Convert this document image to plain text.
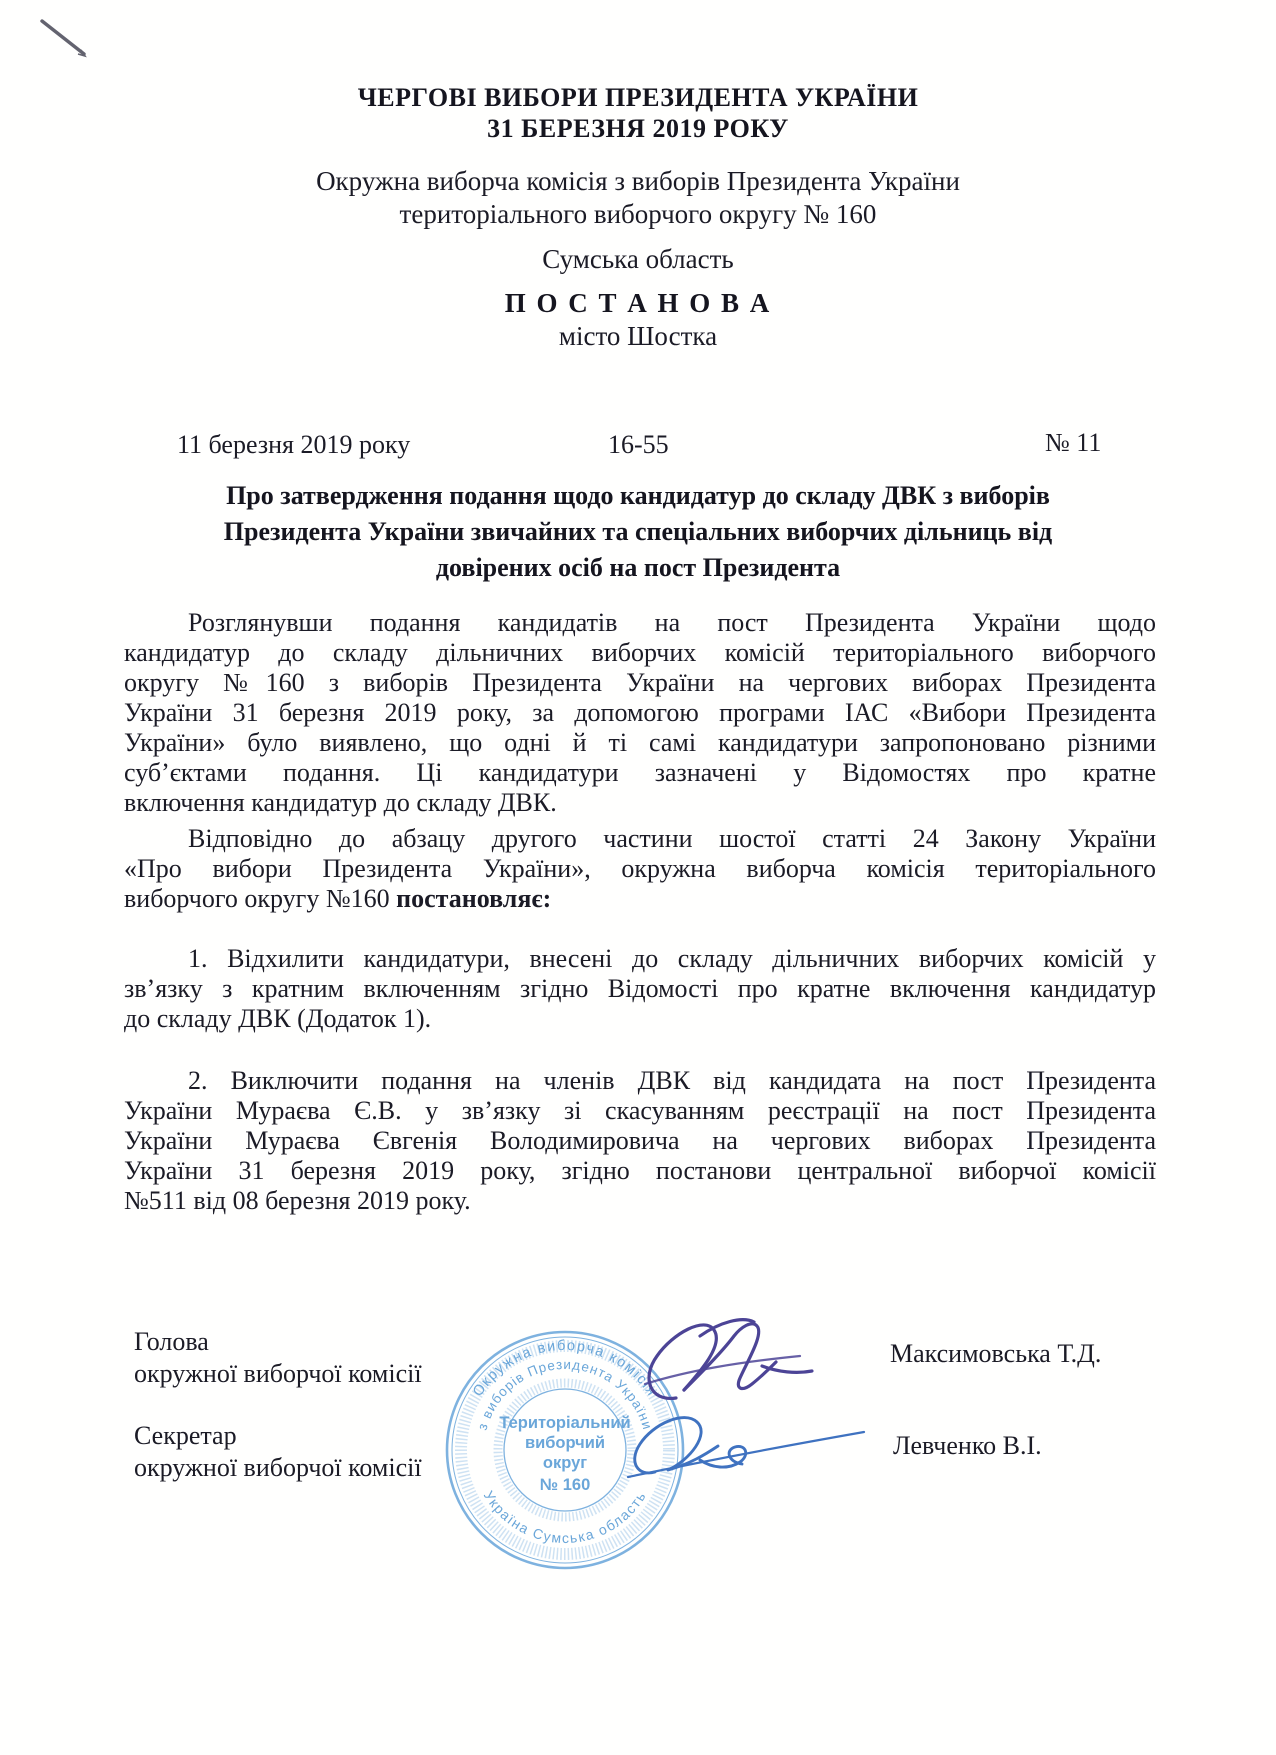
ЧЕРГОВІ ВИБОРИ ПРЕЗИДЕНТА УКРАЇНИ
31 БЕРЕЗНЯ 2019 РОКУ
Окружна виборча комісія з виборів Президента України
територіального виборчого округу № 160
Сумська область
П О С Т А Н О В А
місто Шостка
11 березня 2019 року	16-55	№ 11
Про затвердження подання щодо кандидатур до складу ДВК з виборів
Президента України звичайних та спеціальних виборчих дільниць від
довірених осіб на пост Президента
Розглянувши подання кандидатів на пост Президента України щодо
кандидатур до складу дільничних виборчих комісій територіального виборчого
округу №160 з виборів Президента України на чергових виборах Президента
України 31 березня 2019 року, за допомогою програми ІАС «Вибори Президента
України» було виявлено, що одні й ті самі кандидатури запропоновано різними
суб’єктами подання. Ці кандидатури зазначені у Відомостях про кратне
включення кандидатур до складу ДВК.
Відповідно до абзацу другого частини шостої статті 24 Закону України
«Про вибори Президента України», окружна виборча комісія територіального
виборчого округу №160 постановляє:
1. Відхилити кандидатури, внесені до складу дільничних виборчих комісій у
зв’язку з кратним включенням згідно Відомості про кратне включення кандидатур
до складу ДВК (Додаток 1).
2. Виключити подання на членів ДВК від кандидата на пост Президента
України Мураєва Є.В. у зв’язку зі скасуванням реєстрації на пост Президента
України Мураєва Євгенія Володимировича на чергових виборах Президента
України 31 березня 2019 року, згідно постанови центральної виборчої комісії
№511 від 08 березня 2019 року.
Окружна виборча комісія
з виборів Президента України
Україна Сумська область
Територіальний
виборчий
округ
№ 160
Голова
окружної виборчої комісії
Максимовська Т.Д.
Секретар
окружної виборчої комісії
Левченко В.І.
